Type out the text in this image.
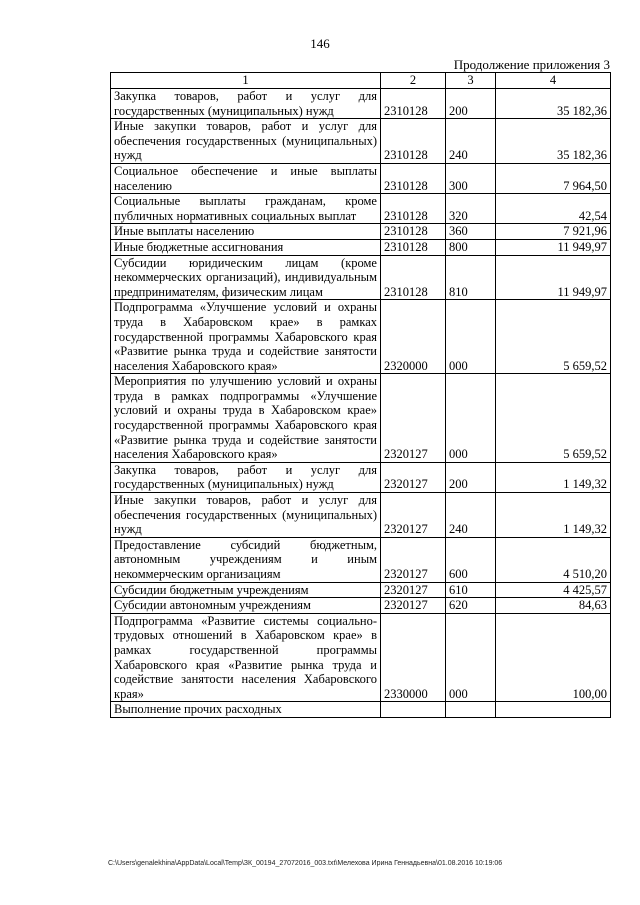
146
Продолжение приложения 3
1	2	3	4
Закупка товаров, работ и услуг для государственных (муниципальных) нужд	2310128	200	35 182,36
Иные закупки товаров, работ и услуг для обеспечения государственных (муниципальных) нужд	2310128	240	35 182,36
Социальное обеспечение и иные выплаты населению	2310128	300	7 964,50
Социальные выплаты гражданам, кроме публичных нормативных социальных выплат	2310128	320	42,54
Иные выплаты населению	2310128	360	7 921,96
Иные бюджетные ассигнования	2310128	800	11 949,97
Субсидии юридическим лицам (кроме некоммерческих организаций), индивидуальным предпринимателям, физическим лицам	2310128	810	11 949,97
Подпрограмма «Улучшение условий и охраны труда в Хабаровском крае» в рамках государственной программы Хабаровского края «Развитие рынка труда и содействие занятости населения Хабаровского края»	2320000	000	5 659,52
Мероприятия по улучшению условий и охраны труда в рамках подпрограммы «Улучшение условий и охраны труда в Хабаровском крае» государственной программы Хабаровского края «Развитие рынка труда и содействие занятости населения Хабаровского края»	2320127	000	5 659,52
Закупка товаров, работ и услуг для государственных (муниципальных) нужд	2320127	200	1 149,32
Иные закупки товаров, работ и услуг для обеспечения государственных (муниципальных) нужд	2320127	240	1 149,32
Предоставление субсидий бюджетным, автономным учреждениям и иным некоммерческим организациям	2320127	600	4 510,20
Субсидии бюджетным учреждениям	2320127	610	4 425,57
Субсидии автономным учреждениям	2320127	620	84,63
Подпрограмма «Развитие системы социально-трудовых отношений в Хабаровском крае» в рамках государственной программы Хабаровского края «Развитие рынка труда и содействие занятости населения Хабаровского края»	2330000	000	100,00
Выполнение прочих расходных			
C:\Users\genalekhina\AppData\Local\Temp\ЗК_00194_27072016_003.txt\Мелехова Ирина Геннадьевна\01.08.2016 10:19:06
